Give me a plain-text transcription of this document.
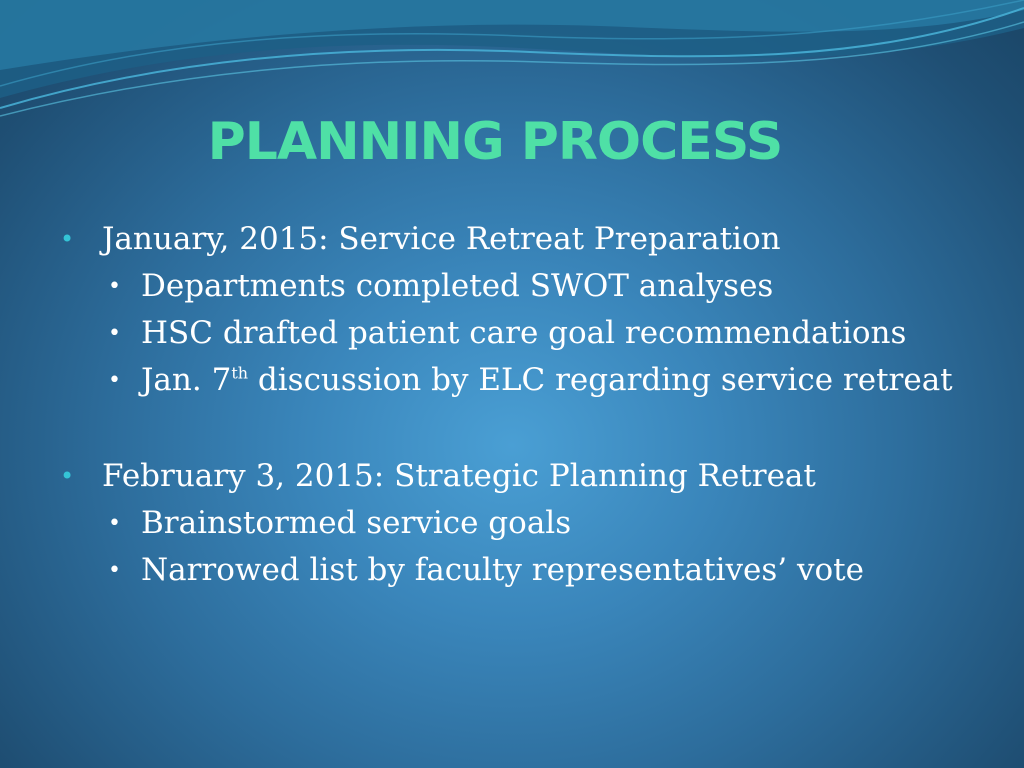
PLANNING PROCESS

• January, 2015: Service Retreat Preparation

• Departments completed SWOT analyses

• HSC drafted patient care goal recommendations

• Jan. 7th discussion by ELC regarding service retreat

• February 3, 2015: Strategic Planning Retreat

• Brainstormed service goals

• Narrowed list by faculty representatives’ vote
